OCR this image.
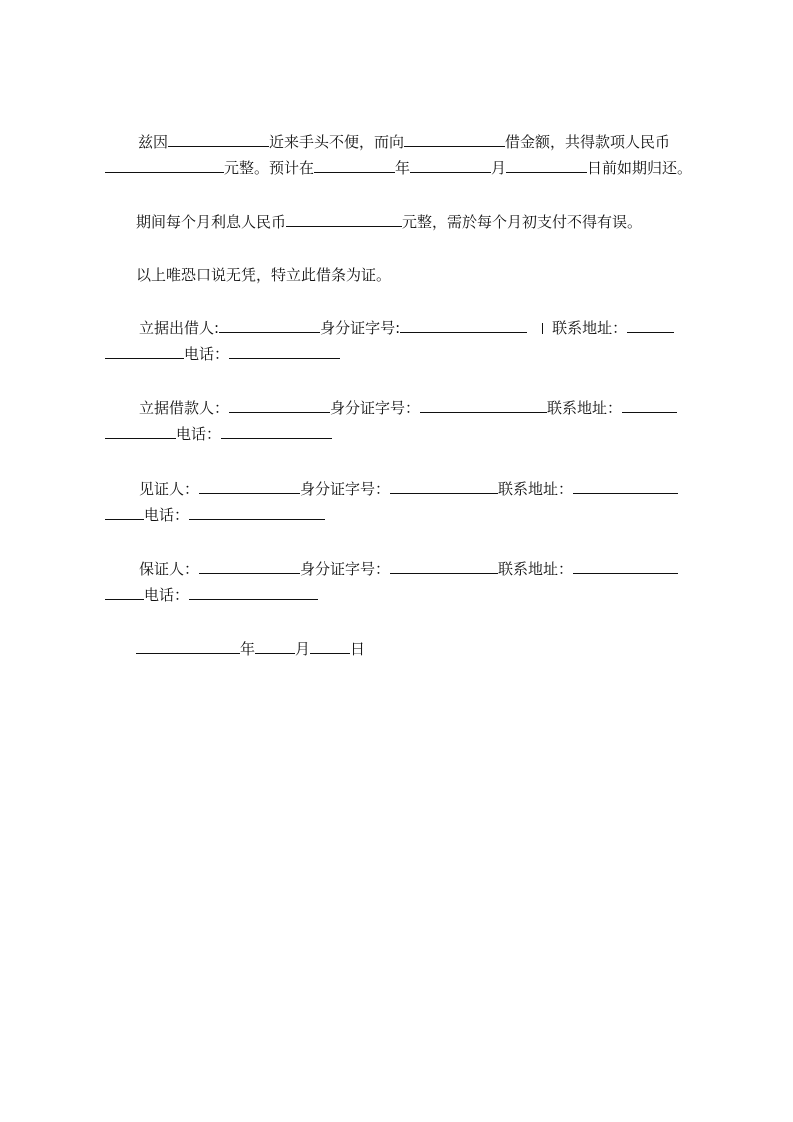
兹因	近来手头不便，而向	借金额，共得款项人民币
元整。预计在	年	月	日前如期归还。
期间每个月利息人民币	元整，需於每个月初支付不得有误。
以上唯恐口说无凭，特立此借条为证。
立据出借人:	身分证字号:	联系地址：
电话：
立据借款人：	身分证字号：	联系地址：
电话：
见证人：	身分证字号：	联系地址：
电话：
保证人：	身分证字号：	联系地址：
电话：
年	月	日
